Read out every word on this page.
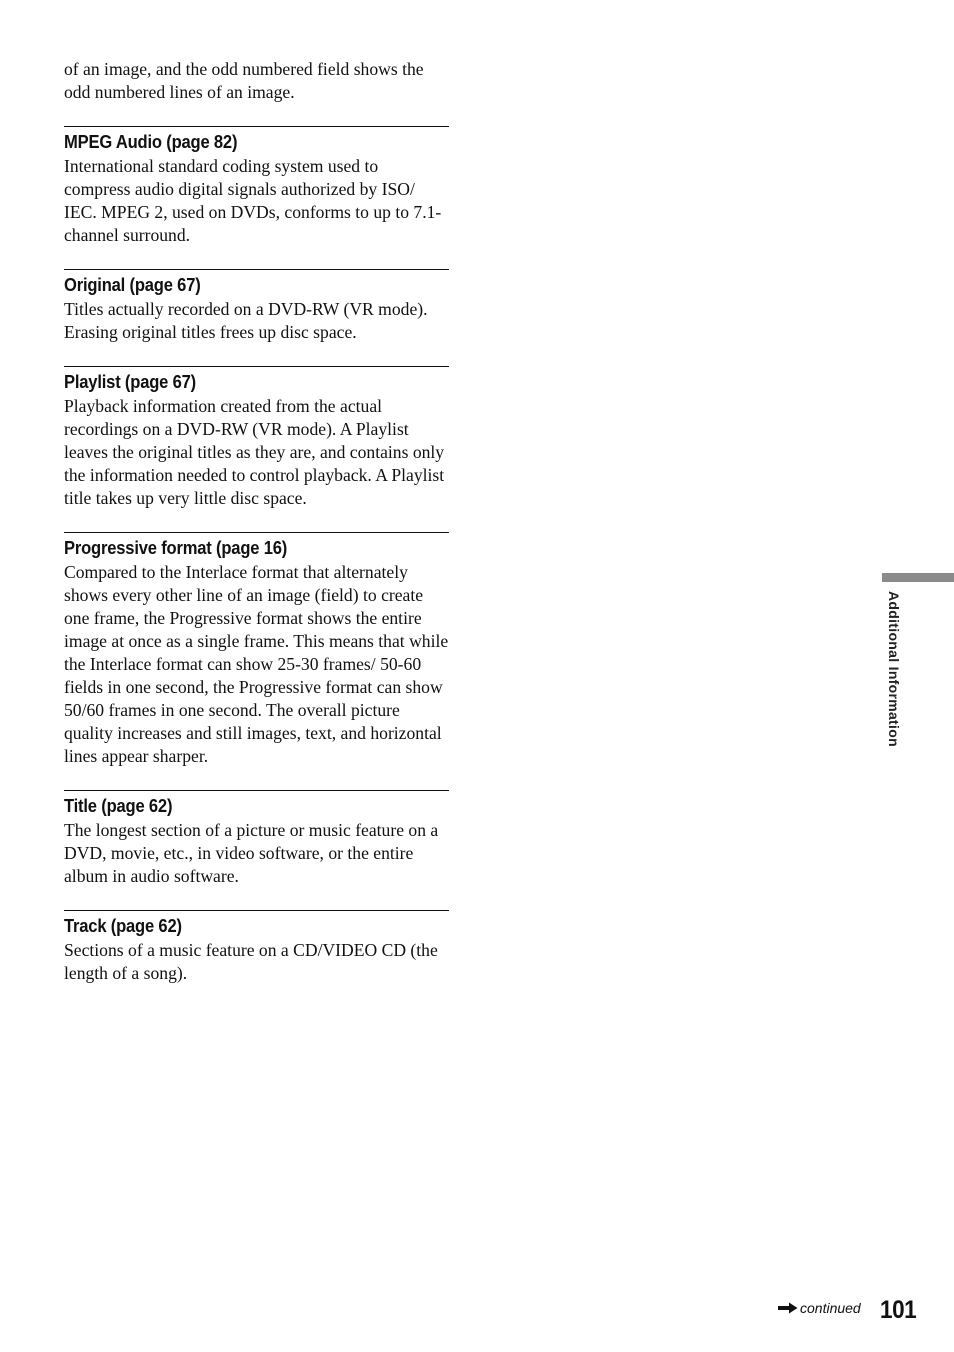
of an image, and the odd numbered field shows the odd numbered lines of an image.

MPEG Audio (page 82)

International standard coding system used to compress audio digital signals authorized by ISO/ IEC. MPEG 2, used on DVDs, conforms to up to 7.1-channel surround.

Original (page 67)

Titles actually recorded on a DVD-RW (VR mode). Erasing original titles frees up disc space.

Playlist (page 67)

Playback information created from the actual recordings on a DVD-RW (VR mode). A Playlist leaves the original titles as they are, and contains only the information needed to control playback. A Playlist title takes up very little disc space.

Progressive format (page 16)

Compared to the Interlace format that alternately shows every other line of an image (field) to create one frame, the Progressive format shows the entire image at once as a single frame. This means that while the Interlace format can show 25-30 frames/ 50-60 fields in one second, the Progressive format can show 50/60 frames in one second. The overall picture quality increases and still images, text, and horizontal lines appear sharper.

Title (page 62)

The longest section of a picture or music feature on a DVD, movie, etc., in video software, or the entire album in audio software.

Track (page 62)

Sections of a music feature on a CD/VIDEO CD (the length of a song).

Additional Information
continued 101
